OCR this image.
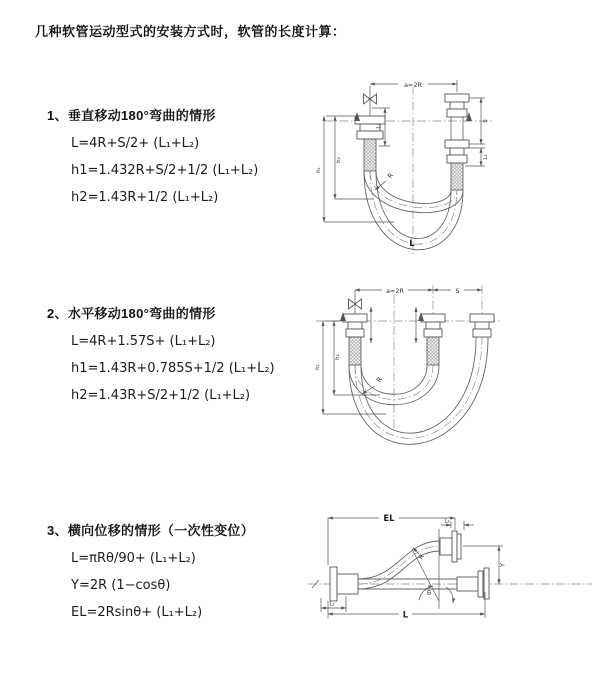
几种软管运动型式的安装方式时，软管的长度计算：
1、垂直移动180°弯曲的情形
L=4R+S/2+ (L₁+L₂)
h1=1.432R+S/2+1/2 (L₁+L₂)
h2=1.43R+1/2 (L₁+L₂)
a=2R
L₁
S
L₂
h₂
h₁
R
L
2、水平移动180°弯曲的情形
L=4R+1.57S+ (L₁+L₂)
h1=1.43R+0.785S+1/2 (L₁+L₂)
h2=1.43R+S/2+1/2 (L₁+L₂)
a=2R	S
h₂
h₁
R
3、横向位移的情形（一次性变位）
L=πRθ/90+ (L₁+L₂)
Y=2R (1−cosθ)
EL=2Rsinθ+ (L₁+L₂)
EL	L₂
Y
θ
R
L₁
L
